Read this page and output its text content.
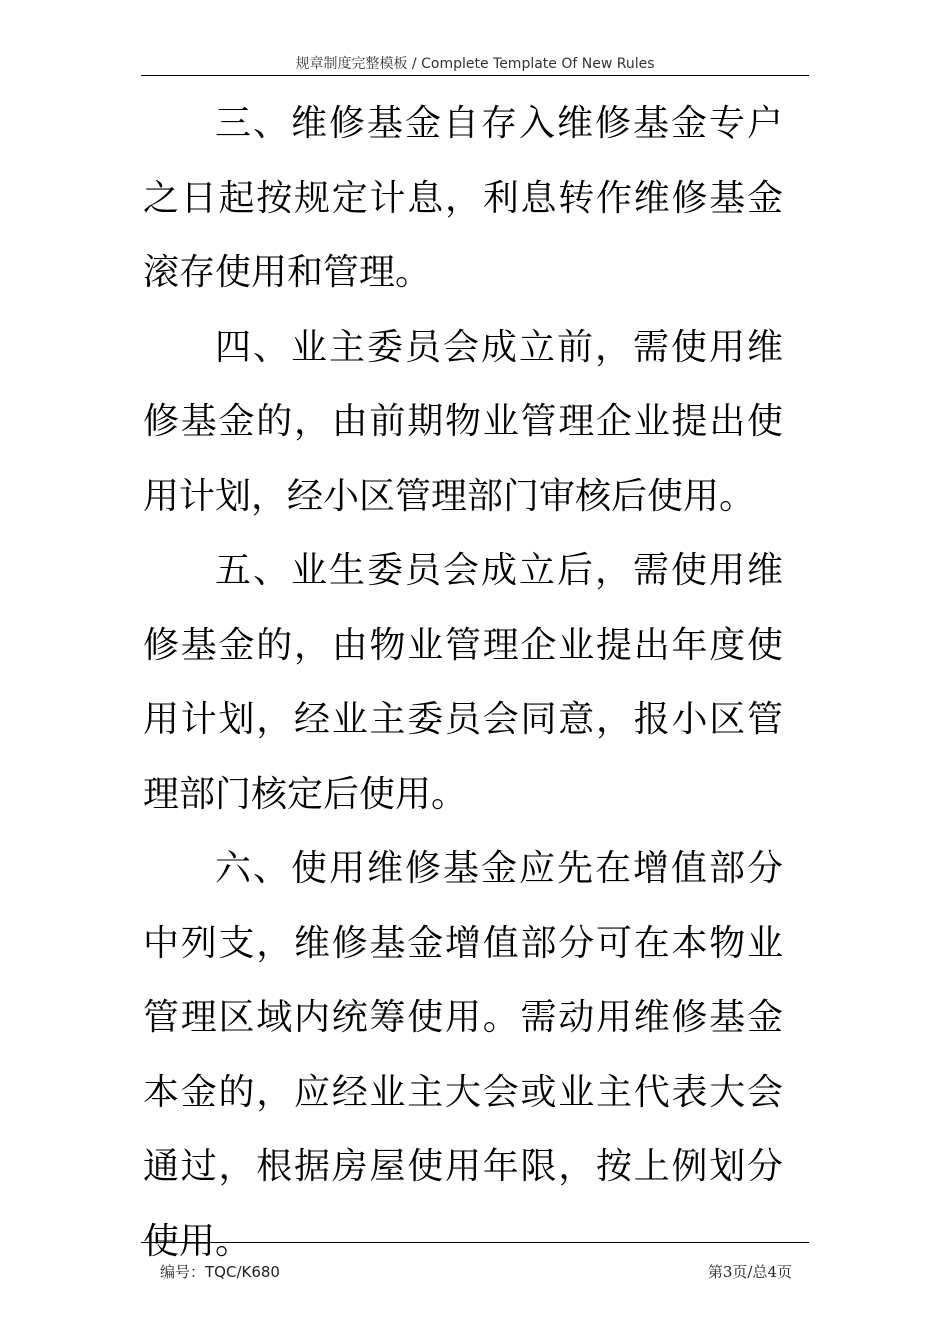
规章制度完整模板 / Complete Template Of New Rules

三、维修基金自存入维修基金专户之日起按规定计息，利息转作维修基金滚存使用和管理。

四、业主委员会成立前，需使用维修基金的，由前期物业管理企业提出使用计划，经小区管理部门审核后使用。

五、业生委员会成立后，需使用维修基金的，由物业管理企业提出年度使用计划，经业主委员会同意，报小区管理部门核定后使用。

六、使用维修基金应先在增值部分中列支，维修基金增值部分可在本物业管理区域内统筹使用。需动用维修基金本金的，应经业主大会或业主代表大会通过，根据房屋使用年限，按上例划分使用。

编号：TQC/K680	第3页/总4页
